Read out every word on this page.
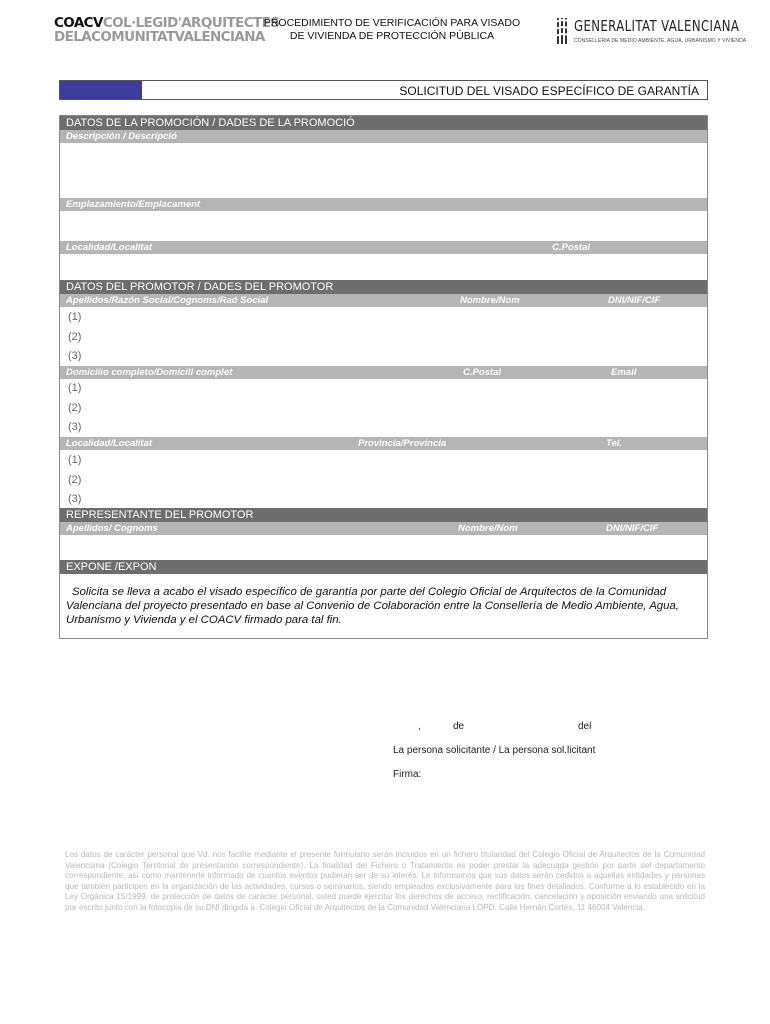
COACVCOL·LEGID'ARQUITECTES
DELACOMUNITATVALENCIANA
PROCEDIMIENTO DE VERIFICACIÓN PARA VISADO
DE VIVIENDA DE PROTECCIÓN PÚBLICA
GENERALITAT VALENCIANA
CONSELLERIA DE MEDIO AMBIENTE, AGUA, URBANISMO Y VIVIENDA
SOLICITUD DEL VISADO ESPECÍFICO DE GARANTÍA
DATOS DE LA PROMOCIÓN / DADES DE LA PROMOCIÓ
Descripción / Descripció
Emplazamiento/Emplacament
Localidad/Localitat	C.Postal
DATOS DEL PROMOTOR / DADES DEL PROMOTOR
Apellidos/Razón Social/Cognoms/Raó Social	Nombre/Nom	DNI/NIF/CIF
(1)
(2)
(3)
Domicilio completo/Domicili complet	C.Postal	Email
(1)
(2)
(3)
Localidad/Localitat	Provincia/Provincia	Tel.
(1)
(2)
(3)
REPRESENTANTE DEL PROMOTOR
Apellidos/ Cognoms	Nombre/Nom	DNI/NIF/CIF
EXPONE /EXPON
Solicita se lleva a acabo el visado específico de garantía por parte del Colegio Oficial de Arquitectos de la Comunidad Valenciana del proyecto presentado en base al Convenio de Colaboración entre la Consellería de Medio Ambiente, Agua, Urbanismo y Vivienda y el COACV firmado para tal fin.
,	de	del
La persona solicitante / La persona sol.licitant
Firma:
Los datos de carácter personal que Vd. nos facilite mediante el presente formulario serán incluidos en un fichero titularidad del Colegio Oficial de Arquitectos de la Comunidad Valenciana (Colegio Territorial de presentación correspondiente). La finalidad del Fichero o Tratamiento es poder prestar la adecuada gestión por parte del departamento correspondiente, así como mantenerle informado de cuantos eventos pudieran ser de su interés. Le informamos que sus datos serán cedidos a aquellas entidades y personas que también participen en la organización de las actividades, cursos o seminarios, siendo empleados exclusivamente para los fines detallados. Conforme a lo establecido en la Ley Orgánica 15/1999, de protección de datos de carácter personal, usted puede ejercitar los derechos de acceso, rectificación, cancelación y oposición enviando una solicitud por escrito junto con la fotocopia de su DNI dirigida a: Colegio Oficial de Arquitectos de la Comunidad Valenciana LOPD. Calle Hernán Cortés, 11 46004 Valencia.
